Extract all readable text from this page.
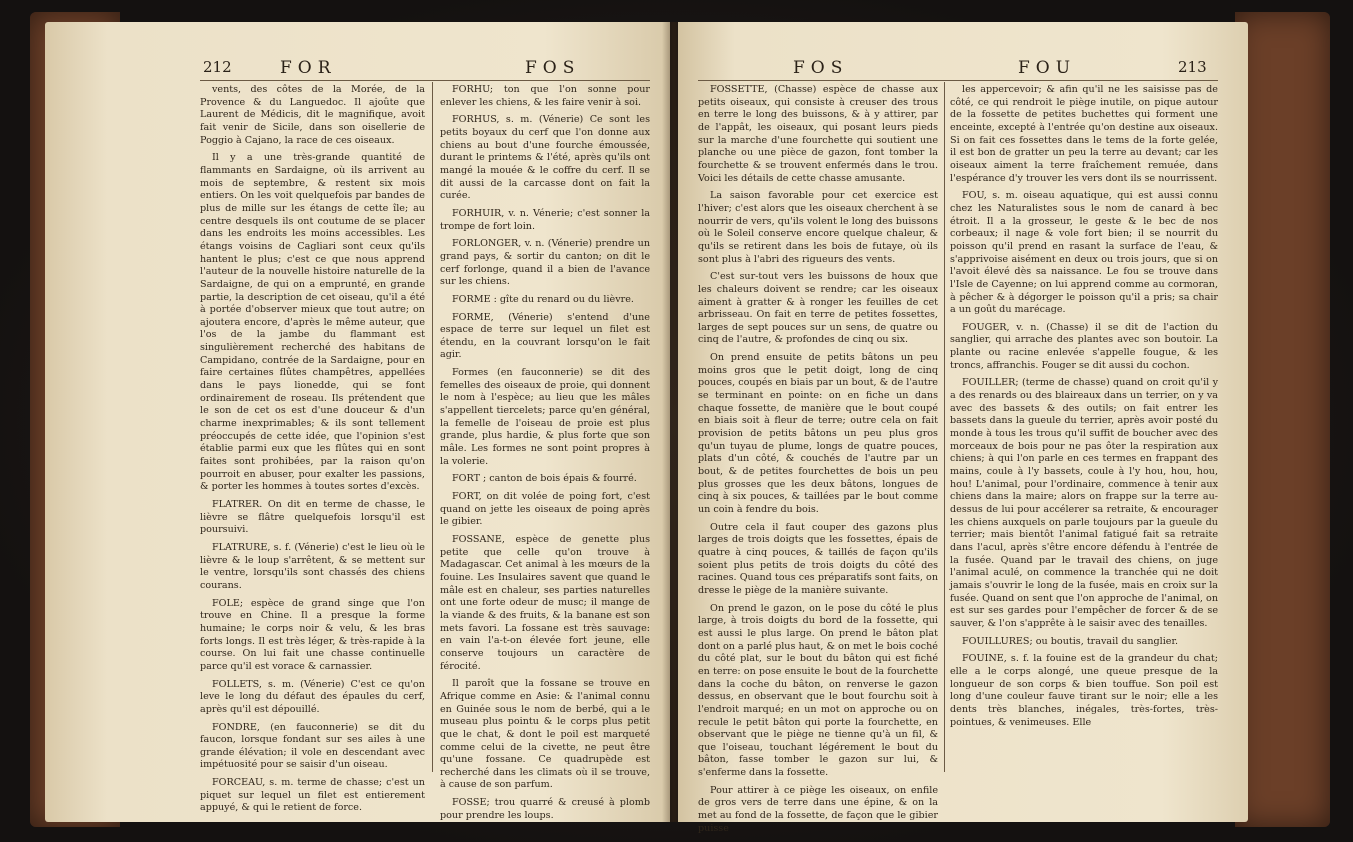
212	FOR	FOS

vents, des côtes de la Morée, de la Provence & du Languedoc. Il ajoûte que Laurent de Médicis, dit le magnifique, avoit fait venir de Sicile, dans son oisellerie de Poggio à Cajano, la race de ces oiseaux.

Il y a une très-grande quantité de flammants en Sardaigne, où ils arrivent au mois de septembre, & restent six mois entiers. On les voit quelquefois par bandes de plus de mille sur les étangs de cette île; au centre desquels ils ont coutume de se placer dans les endroits les moins accessibles. Les étangs voisins de Cagliari sont ceux qu'ils hantent le plus; c'est ce que nous apprend l'auteur de la nouvelle histoire naturelle de la Sardaigne, de qui on a emprunté, en grande partie, la description de cet oiseau, qu'il a été à portée d'observer mieux que tout autre; on ajoutera encore, d'après le même auteur, que l'os de la jambe du flammant est singulièrement recherché des habitans de Campidano, contrée de la Sardaigne, pour en faire certaines flûtes champêtres, appellées dans le pays lionedde, qui se font ordinairement de roseau. Ils prétendent que le son de cet os est d'une douceur & d'un charme inexprimables; & ils sont tellement préoccupés de cette idée, que l'opinion s'est établie parmi eux que les flûtes qui en sont faites sont prohibées, par la raison qu'on pourroit en abuser, pour exalter les passions, & porter les hommes à toutes sortes d'excès.

FLATRER. On dit en terme de chasse, le lièvre se flâtre quelquefois lorsqu'il est poursuivi.

FLATRURE, s. f. (Vénerie) c'est le lieu où le lièvre & le loup s'arrêtent, & se mettent sur le ventre, lorsqu'ils sont chassés des chiens courans.

FOLE; espèce de grand singe que l'on trouve en Chine. Il a presque la forme humaine; le corps noir & velu, & les bras forts longs. Il est très léger, & très-rapide à la course. On lui fait une chasse continuelle parce qu'il est vorace & carnassier.

FOLLETS, s. m. (Vénerie) C'est ce qu'on leve le long du défaut des épaules du cerf, après qu'il est dépouillé.

FONDRE, (en fauconnerie) se dit du faucon, lorsque fondant sur ses ailes à une grande élévation; il vole en descendant avec impétuosité pour se saisir d'un oiseau.

FORCEAU, s. m. terme de chasse; c'est un piquet sur lequel un filet est entierement appuyé, & qui le retient de force.

FORHU; ton que l'on sonne pour enlever les chiens, & les faire venir à soi.

FORHUS, s. m. (Vénerie) Ce sont les petits boyaux du cerf que l'on donne aux chiens au bout d'une fourche émoussée, durant le printems & l'été, après qu'ils ont mangé la mouée & le coffre du cerf. Il se dit aussi de la carcasse dont on fait la curée.

FORHUIR, v. n. Vénerie; c'est sonner la trompe de fort loin.

FORLONGER, v. n. (Vénerie) prendre un grand pays, & sortir du canton; on dit le cerf forlonge, quand il a bien de l'avance sur les chiens.

FORME : gîte du renard ou du lièvre.

FORME, (Vénerie) s'entend d'une espace de terre sur lequel un filet est étendu, en la couvrant lorsqu'on le fait agir.

Formes (en fauconnerie) se dit des femelles des oiseaux de proie, qui donnent le nom à l'espèce; au lieu que les mâles s'appellent tiercelets; parce qu'en général, la femelle de l'oiseau de proie est plus grande, plus hardie, & plus forte que son mâle. Les formes ne sont point propres à la volerie.

FORT ; canton de bois épais & fourré.

FORT, on dit volée de poing fort, c'est quand on jette les oiseaux de poing après le gibier.

FOSSANE, espèce de genette plus petite que celle qu'on trouve à Madagascar. Cet animal à les mœurs de la fouine. Les Insulaires savent que quand le mâle est en chaleur, ses parties naturelles ont une forte odeur de musc; il mange de la viande & des fruits, & la banane est son mets favori. La fossane est très sauvage: en vain l'a-t-on élevée fort jeune, elle conserve toujours un caractère de férocité.

Il paroît que la fossane se trouve en Afrique comme en Asie: & l'animal connu en Guinée sous le nom de berbé, qui a le museau plus pointu & le corps plus petit que le chat, & dont le poil est marqueté comme celui de la civette, ne peut être qu'une fossane. Ce quadrupède est recherché dans les climats où il se trouve, à cause de son parfum.

FOSSE; trou quarré & creusé à plomb pour prendre les loups.

FOS	FOU	213

FOSSETTE, (Chasse) espèce de chasse aux petits oiseaux, qui consiste à creuser des trous en terre le long des buissons, & à y attirer, par de l'appât, les oiseaux, qui posant leurs pieds sur la marche d'une fourchette qui soutient une planche ou une pièce de gazon, font tomber la fourchette & se trouvent enfermés dans le trou. Voici les détails de cette chasse amusante.

La saison favorable pour cet exercice est l'hiver; c'est alors que les oiseaux cherchent à se nourrir de vers, qu'ils volent le long des buissons où le Soleil conserve encore quelque chaleur, & qu'ils se retirent dans les bois de futaye, où ils sont plus à l'abri des rigueurs des vents.

C'est sur-tout vers les buissons de houx que les chaleurs doivent se rendre; car les oiseaux aiment à gratter & à ronger les feuilles de cet arbrisseau. On fait en terre de petites fossettes, larges de sept pouces sur un sens, de quatre ou cinq de l'autre, & profondes de cinq ou six.

On prend ensuite de petits bâtons un peu moins gros que le petit doigt, long de cinq pouces, coupés en biais par un bout, & de l'autre se terminant en pointe: on en fiche un dans chaque fossette, de manière que le bout coupé en biais soit à fleur de terre; outre cela on fait provision de petits bâtons un peu plus gros qu'un tuyau de plume, longs de quatre pouces, plats d'un côté, & couchés de l'autre par un bout, & de petites fourchettes de bois un peu plus grosses que les deux bâtons, longues de cinq à six pouces, & taillées par le bout comme un coin à fendre du bois.

Outre cela il faut couper des gazons plus larges de trois doigts que les fossettes, épais de quatre à cinq pouces, & taillés de façon qu'ils soient plus petits de trois doigts du côté des racines. Quand tous ces préparatifs sont faits, on dresse le piège de la manière suivante.

On prend le gazon, on le pose du côté le plus large, à trois doigts du bord de la fossette, qui est aussi le plus large. On prend le bâton plat dont on a parlé plus haut, & on met le bois coché du côté plat, sur le bout du bâton qui est fiché en terre: on pose ensuite le bout de la fourchette dans la coche du bâton, on renverse le gazon dessus, en observant que le bout fourchu soit à l'endroit marqué; en un mot on approche ou on recule le petit bâton qui porte la fourchette, en observant que le piège ne tienne qu'à un fil, & que l'oiseau, touchant légérement le bout du bâton, fasse tomber le gazon sur lui, & s'enferme dans la fossette.

Pour attirer à ce piège les oiseaux, on enfile de gros vers de terre dans une épine, & on la met au fond de la fossette, de façon que le gibier puisse

les appercevoir; & afin qu'il ne les saisisse pas de côté, ce qui rendroit le piège inutile, on pique autour de la fossette de petites buchettes qui forment une enceinte, excepté à l'entrée qu'on destine aux oiseaux. Si on fait ces fossettes dans le tems de la forte gelée, il est bon de gratter un peu la terre au devant; car les oiseaux aiment la terre fraîchement remuée, dans l'espérance d'y trouver les vers dont ils se nourrissent.

FOU, s. m. oiseau aquatique, qui est aussi connu chez les Naturalistes sous le nom de canard à bec étroit. Il a la grosseur, le geste & le bec de nos corbeaux; il nage & vole fort bien; il se nourrit du poisson qu'il prend en rasant la surface de l'eau, & s'apprivoise aisément en deux ou trois jours, que si on l'avoit élevé dès sa naissance. Le fou se trouve dans l'Isle de Cayenne; on lui apprend comme au cormoran, à pêcher & à dégorger le poisson qu'il a pris; sa chair a un goût du marécage.

FOUGER, v. n. (Chasse) il se dit de l'action du sanglier, qui arrache des plantes avec son boutoir. La plante ou racine enlevée s'appelle fougue, & les troncs, affranchis. Fouger se dit aussi du cochon.

FOUILLER; (terme de chasse) quand on croit qu'il y a des renards ou des blaireaux dans un terrier, on y va avec des bassets & des outils; on fait entrer les bassets dans la gueule du terrier, après avoir posté du monde à tous les trous qu'il suffit de boucher avec des morceaux de bois pour ne pas ôter la respiration aux chiens; à qui l'on parle en ces termes en frappant des mains, coule à l'y bassets, coule à l'y hou, hou, hou, hou! L'animal, pour l'ordinaire, commence à tenir aux chiens dans la maire; alors on frappe sur la terre au-dessus de lui pour accélerer sa retraite, & encourager les chiens auxquels on parle toujours par la gueule du terrier; mais bientôt l'animal fatigué fait sa retraite dans l'acul, après s'être encore défendu à l'entrée de la fusée. Quand par le travail des chiens, on juge l'animal aculé, on commence la tranchée qui ne doit jamais s'ouvrir le long de la fusée, mais en croix sur la fusée. Quand on sent que l'on approche de l'animal, on est sur ses gardes pour l'empêcher de forcer & de se sauver, & l'on s'apprête à le saisir avec des tenailles.

FOUILLURES; ou boutis, travail du sanglier.

FOUINE, s. f. la fouine est de la grandeur du chat; elle a le corps alongé, une queue presque de la longueur de son corps & bien touffue. Son poil est long d'une couleur fauve tirant sur le noir; elle a les dents très blanches, inégales, très-fortes, très-pointues, & venimeuses. Elle
